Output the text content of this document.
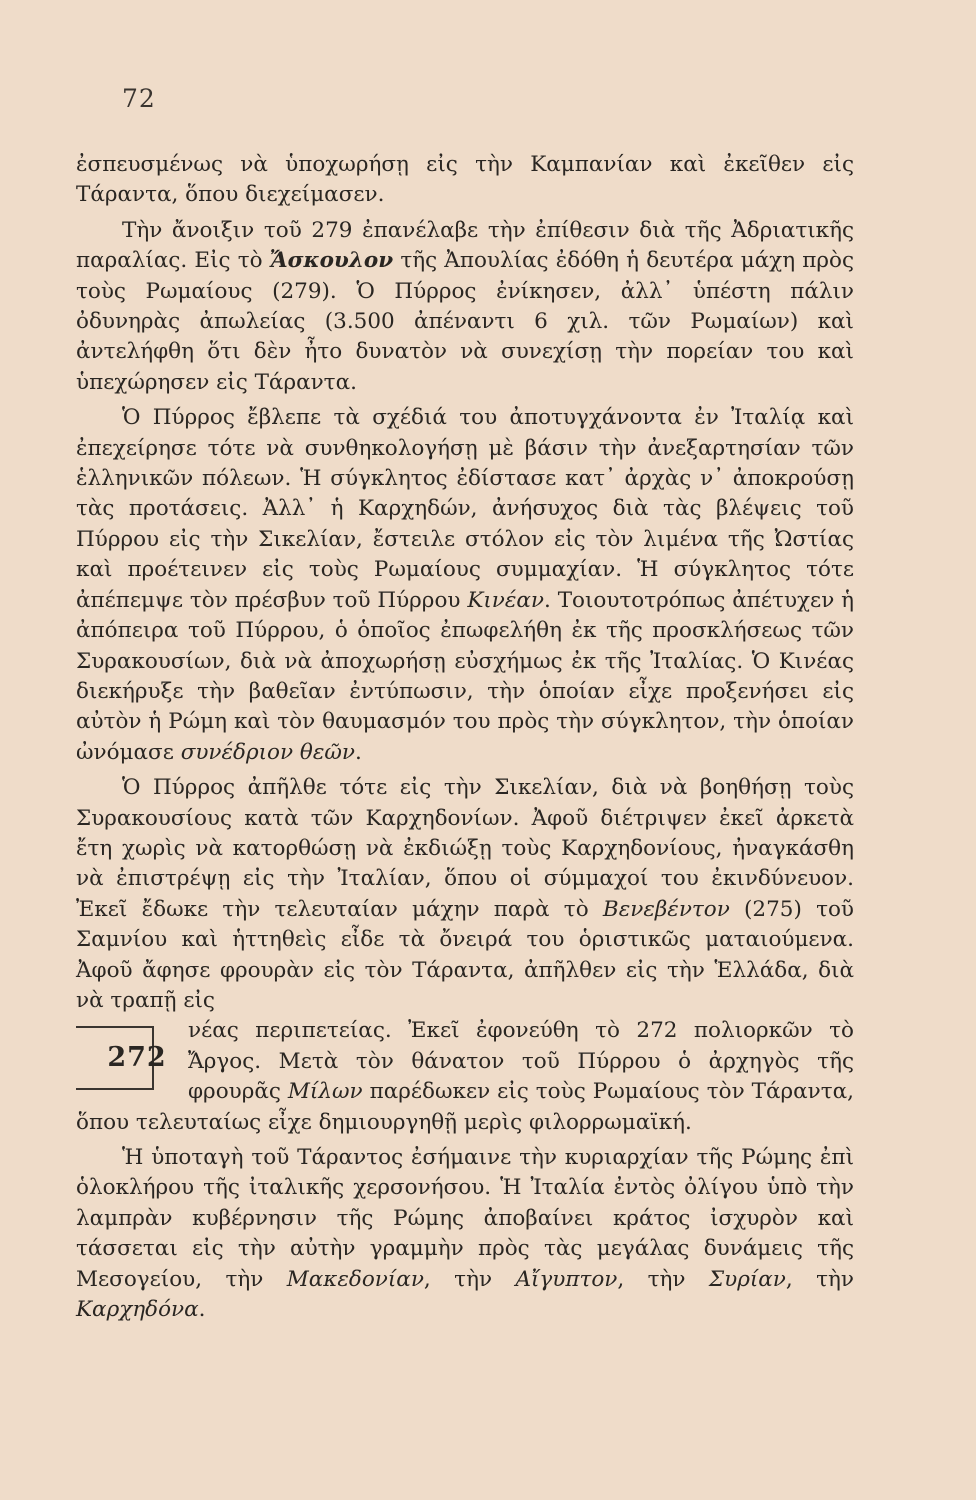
72

ἐσπευσμένως νὰ ὑποχωρήσῃ εἰς τὴν Καμπανίαν καὶ ἐκεῖθεν εἰς Τάραντα, ὅπου διεχείμασεν.

Τὴν ἄνοιξιν τοῦ 279 ἐπανέλαβε τὴν ἐπίθεσιν διὰ τῆς Ἀδριατικῆς παραλίας. Εἰς τὸ Ἄσκουλον τῆς Ἀπουλίας ἐδόθη ἡ δευτέρα μάχη πρὸς τοὺς Ρωμαίους (279). Ὁ Πύρρος ἐνίκησεν, ἀλλ᾽ ὑπέστη πάλιν ὀδυνηρὰς ἀπωλείας (3.500 ἀπέναντι 6 χιλ. τῶν Ρωμαίων) καὶ ἀντελήφθη ὅτι δὲν ἦτο δυνατὸν νὰ συνεχίσῃ τὴν πορείαν του καὶ ὑπεχώρησεν εἰς Τάραντα.

Ὁ Πύρρος ἔβλεπε τὰ σχέδιά του ἀποτυγχάνοντα ἐν Ἰταλίᾳ καὶ ἐπεχείρησε τότε νὰ συνθηκολογήσῃ μὲ βάσιν τὴν ἀνεξαρτησίαν τῶν ἑλληνικῶν πόλεων. Ἡ σύγκλητος ἐδίστασε κατ᾽ ἀρχὰς ν᾽ ἀποκρούσῃ τὰς προτάσεις. Ἀλλ᾽ ἡ Καρχηδών, ἀνήσυχος διὰ τὰς βλέψεις τοῦ Πύρρου εἰς τὴν Σικελίαν, ἔστειλε στόλον εἰς τὸν λιμένα τῆς Ὠστίας καὶ προέτεινεν εἰς τοὺς Ρωμαίους συμμαχίαν. Ἡ σύγκλητος τότε ἀπέπεμψε τὸν πρέσβυν τοῦ Πύρρου Κινέαν. Τοιουτοτρόπως ἀπέτυχεν ἡ ἀπόπειρα τοῦ Πύρρου, ὁ ὁποῖος ἐπωφελήθη ἐκ τῆς προσκλήσεως τῶν Συρακουσίων, διὰ νὰ ἀποχωρήσῃ εὐσχήμως ἐκ τῆς Ἰταλίας. Ὁ Κινέας διεκήρυξε τὴν βαθεῖαν ἐντύπωσιν, τὴν ὁποίαν εἶχε προξενήσει εἰς αὐτὸν ἡ Ρώμη καὶ τὸν θαυμασμόν του πρὸς τὴν σύγκλητον, τὴν ὁποίαν ὠνόμασε συνέδριον θεῶν.

Ὁ Πύρρος ἀπῆλθε τότε εἰς τὴν Σικελίαν, διὰ νὰ βοηθήσῃ τοὺς Συρακουσίους κατὰ τῶν Καρχηδονίων. Ἀφοῦ διέτριψεν ἐκεῖ ἀρκετὰ ἔτη χωρὶς νὰ κατορθώσῃ νὰ ἐκδιώξῃ τοὺς Καρχηδονίους, ἠναγκάσθη νὰ ἐπιστρέψῃ εἰς τὴν Ἰταλίαν, ὅπου οἱ σύμμαχοί του ἐκινδύνευον. Ἐκεῖ ἔδωκε τὴν τελευταίαν μάχην παρὰ τὸ Βενεβέντον (275) τοῦ Σαμνίου καὶ ἡττηθεὶς εἶδε τὰ ὄνειρά του ὁριστικῶς ματαιούμενα. Ἀφοῦ ἄφησε φρουρὰν εἰς τὸν Τάραντα, ἀπῆλθεν εἰς τὴν Ἑλλάδα, διὰ νὰ τραπῇ εἰς

272
νέας περιπετείας. Ἐκεῖ ἐφονεύθη τὸ 272 πολιορκῶν τὸ Ἄργος. Μετὰ τὸν θάνατον τοῦ Πύρρου ὁ ἀρχηγὸς τῆς φρουρᾶς Μίλων παρέδωκεν εἰς τοὺς Ρωμαίους τὸν Τάραντα, ὅπου τελευταίως εἶχε δημιουργηθῇ μερὶς φιλορρωμαϊκή.

Ἡ ὑποταγὴ τοῦ Τάραντος ἐσήμαινε τὴν κυριαρχίαν τῆς Ρώμης ἐπὶ ὁλοκλήρου τῆς ἰταλικῆς χερσονήσου. Ἡ Ἰταλία ἐντὸς ὀλίγου ὑπὸ τὴν λαμπρὰν κυβέρνησιν τῆς Ρώμης ἀποβαίνει κράτος ἰσχυρὸν καὶ τάσσεται εἰς τὴν αὐτὴν γραμμὴν πρὸς τὰς μεγάλας δυνάμεις τῆς Μεσογείου, τὴν Μακεδονίαν, τὴν Αἴγυπτον, τὴν Συρίαν, τὴν Καρχηδόνα.
